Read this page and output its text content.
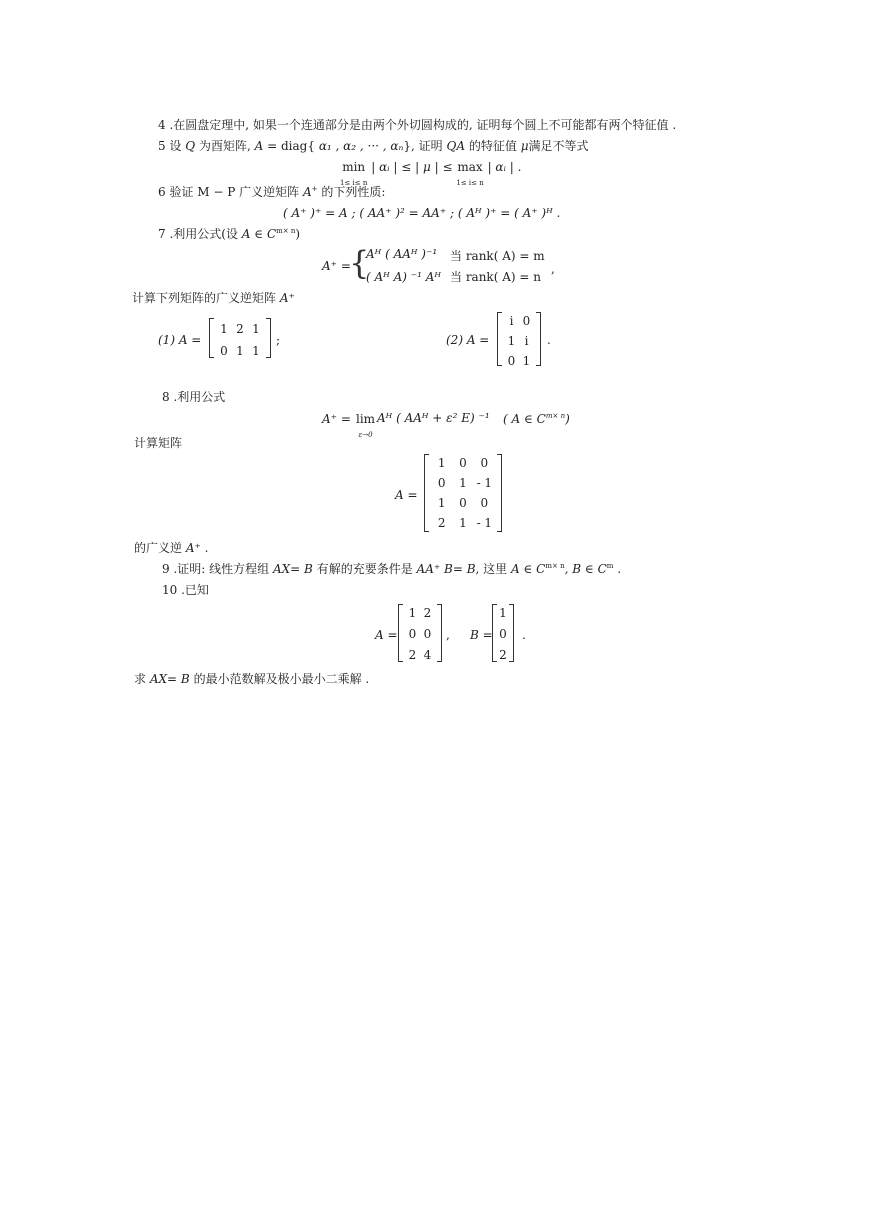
4 .在圆盘定理中, 如果一个连通部分是由两个外切圆构成的, 证明每个圆上不可能都有两个特征值 .
5 设 Q 为酉矩阵, A = diag{ α₁ , α₂ , ··· , αₙ}, 证明 QA 的特征值 μ满足不等式
min
1≤ i≤ n | αᵢ | ≤ | μ | ≤ max
1≤ i≤ n | αᵢ | .
6 验证 M − P 广义逆矩阵 A+ 的下列性质:
( A⁺ )⁺ = A ; ( AA⁺ )² = AA⁺ ; ( Aᴴ )⁺ = ( A⁺ )ᴴ .
7 .利用公式(设 A ∈ $C^{m\times n}$)
A⁺ =
{
Aᴴ ( AAᴴ )⁻¹ 当 rank( A) = m
( Aᴴ A) ⁻¹ Aᴴ 当 rank( A) = n
,
计算下列矩阵的广义逆矩阵 A⁺
(1) A =
1 2 1
0 1 1
;	(2) A =
i 0
1 i
0 1
.
8 .利用公式
A⁺ = lim
ε→0
Aᴴ ( AAᴴ + ε² E) ⁻¹ ( A ∈ $C^{m\times n}$)
计算矩阵
A =
1	0	0
0	1 - 1
1	0	0
2	1 - 1
的广义逆 A⁺ .
9 .证明: 线性方程组 AX= B 有解的充要条件是 AA⁺ B= B, 这里 A ∈ $C^{m\times n}$, B ∈ $C^m$ .
10 .已知
A =
1 2
0 0
2 4
, B =
1
0
2
.
求 AX= B 的最小范数解及极小最小二乘解 .
